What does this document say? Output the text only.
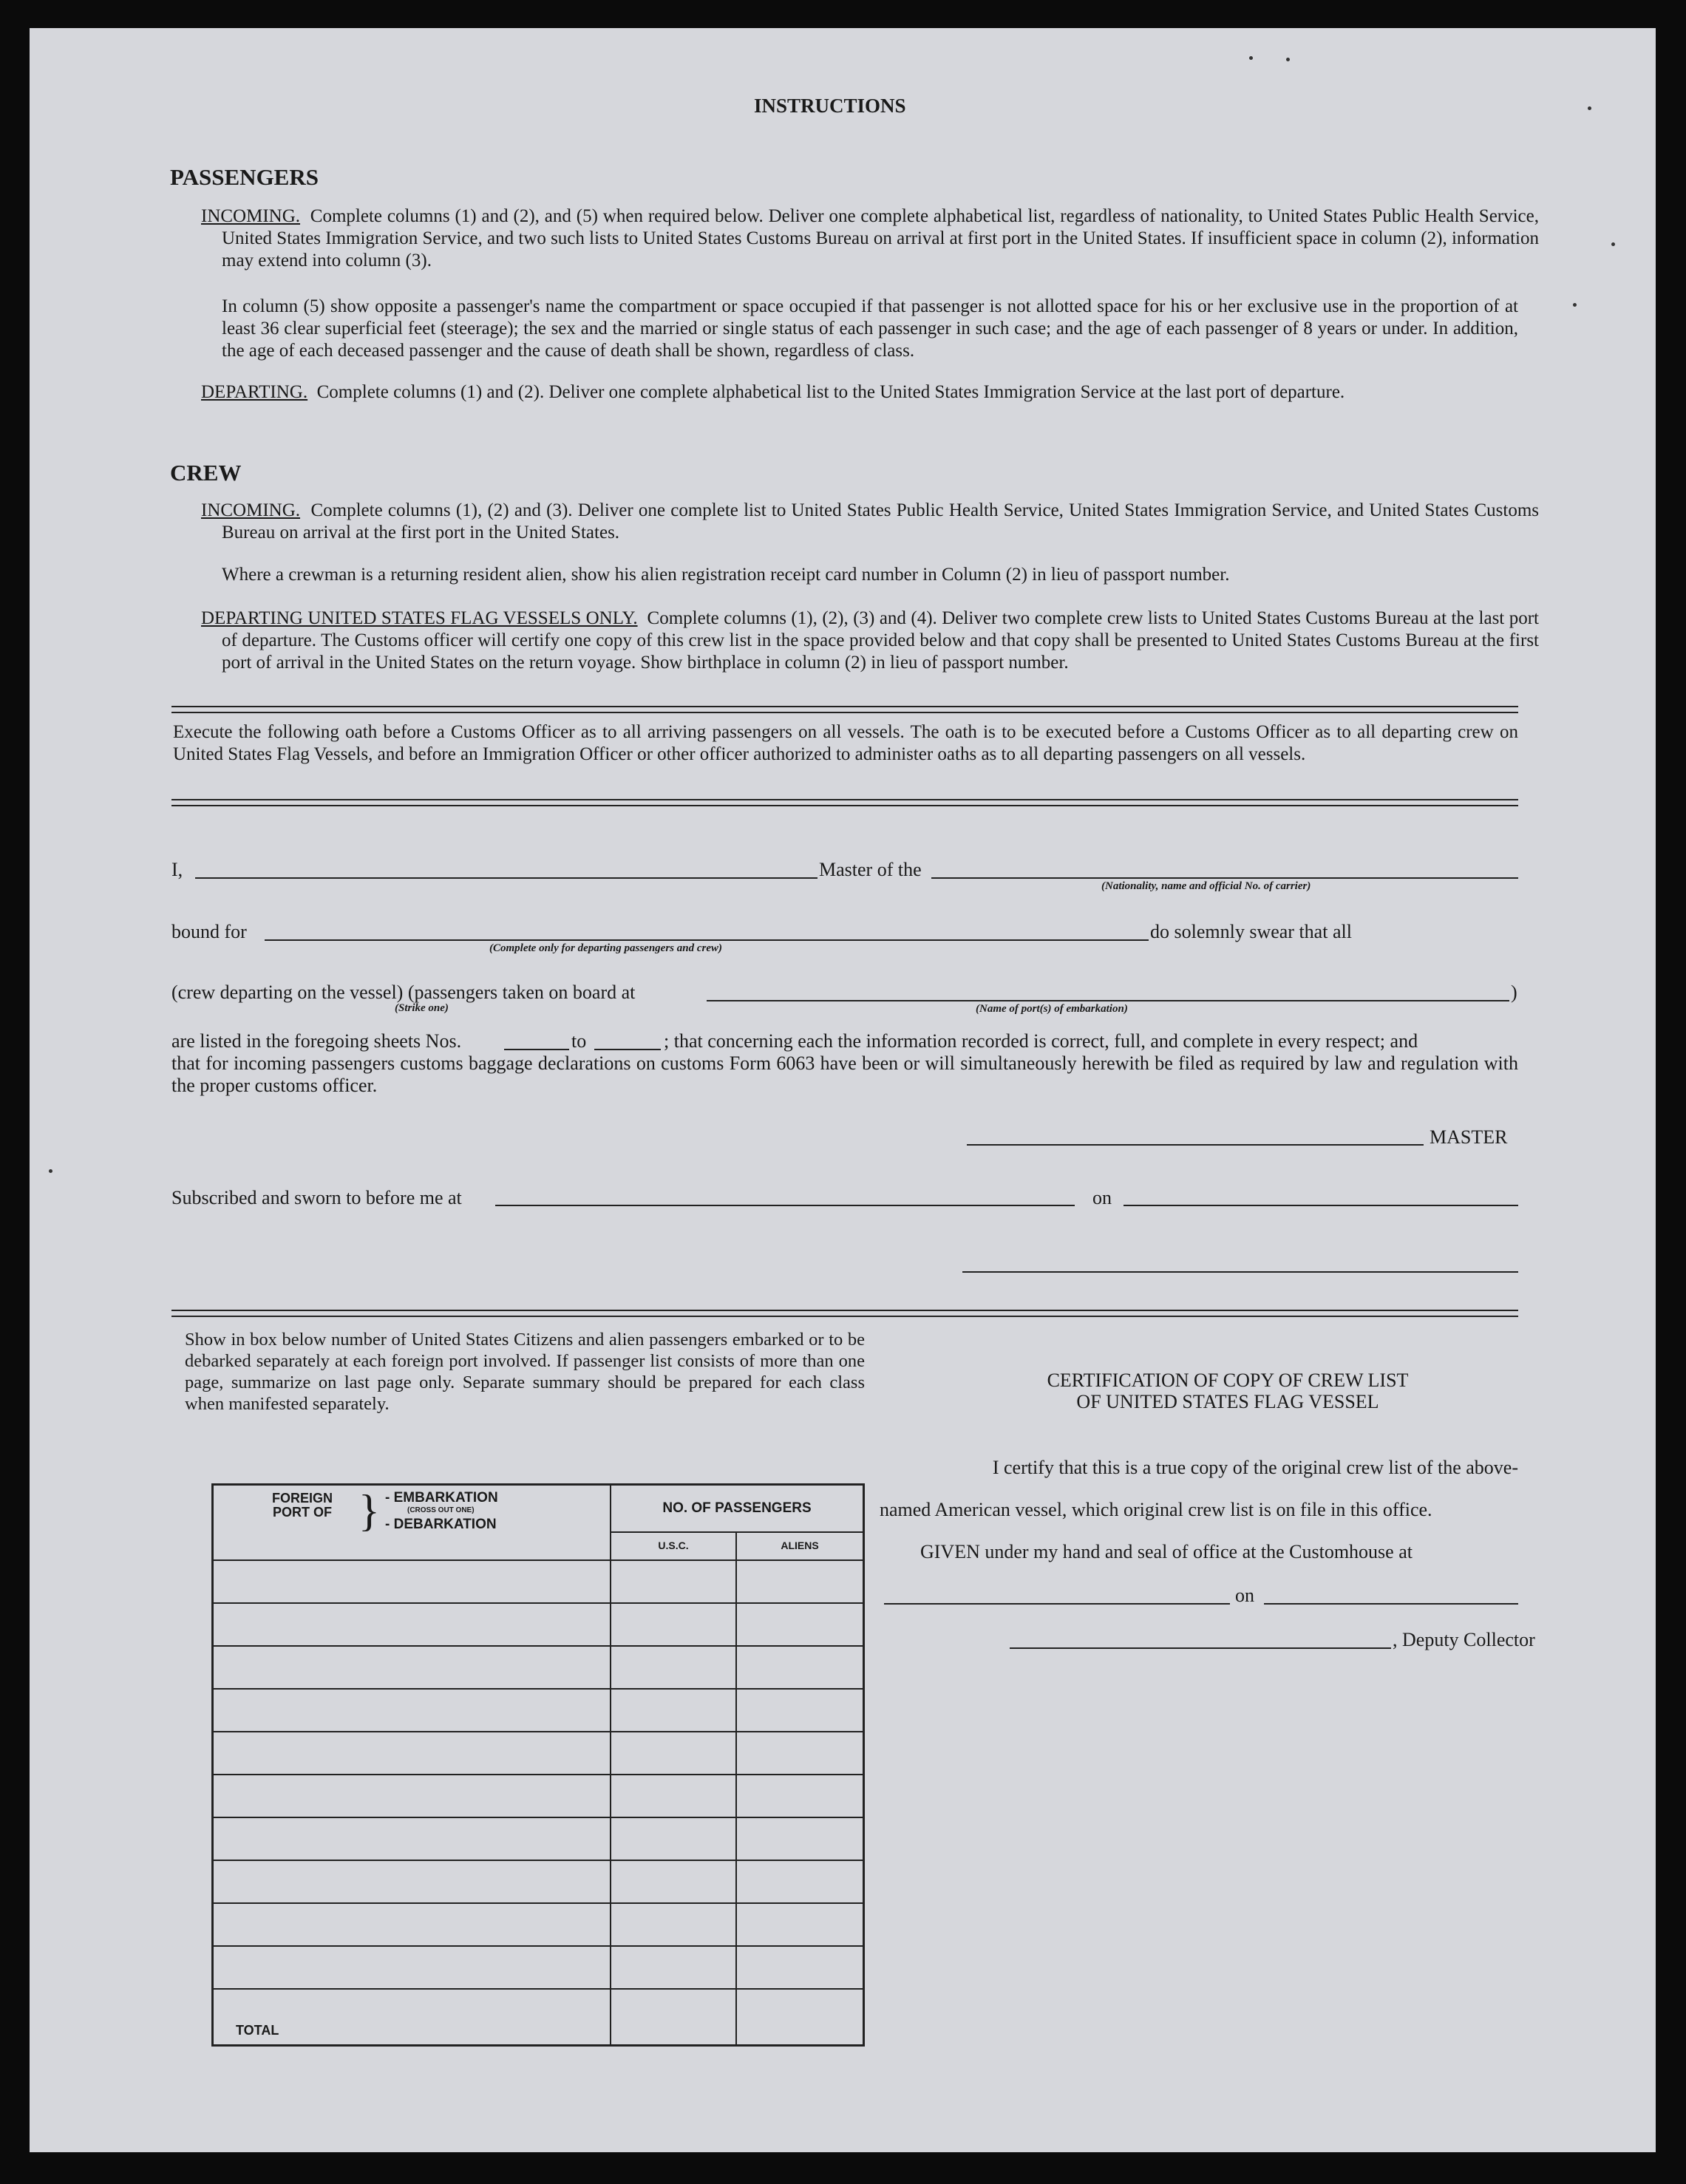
INSTRUCTIONS
PASSENGERS
INCOMING. Complete columns (1) and (2), and (5) when required below. Deliver one complete alphabetical list, regardless of nationality, to United States Public Health Service, United States Immigration Service, and two such lists to United States Customs Bureau on arrival at first port in the United States. If insufficient space in column (2), information may extend into column (3).
In column (5) show opposite a passenger's name the compartment or space occupied if that passenger is not allotted space for his or her exclusive use in the proportion of at least 36 clear superficial feet (steerage); the sex and the married or single status of each passenger in such case; and the age of each passenger of 8 years or under. In addition, the age of each deceased passenger and the cause of death shall be shown, regardless of class.
DEPARTING. Complete columns (1) and (2). Deliver one complete alphabetical list to the United States Immigration Service at the last port of departure.
CREW
INCOMING. Complete columns (1), (2) and (3). Deliver one complete list to United States Public Health Service, United States Immigration Service, and United States Customs Bureau on arrival at the first port in the United States.
Where a crewman is a returning resident alien, show his alien registration receipt card number in Column (2) in lieu of passport number.
DEPARTING UNITED STATES FLAG VESSELS ONLY. Complete columns (1), (2), (3) and (4). Deliver two complete crew lists to United States Customs Bureau at the last port of departure. The Customs officer will certify one copy of this crew list in the space provided below and that copy shall be presented to United States Customs Bureau at the first port of arrival in the United States on the return voyage. Show birthplace in column (2) in lieu of passport number.
Execute the following oath before a Customs Officer as to all arriving passengers on all vessels. The oath is to be executed before a Customs Officer as to all departing crew on United States Flag Vessels, and before an Immigration Officer or other officer authorized to administer oaths as to all departing passengers on all vessels.
I,	Master of the
(Nationality, name and official No. of carrier)
bound for
(Complete only for departing passengers and crew)
do solemnly swear that all
(crew departing on the vessel) (passengers taken on board at
(Strike one)	(Name of port(s) of embarkation)
)
are listed in the foregoing sheets Nos.	to	; that concerning each the information recorded is correct, full, and complete in every respect; and
that for incoming passengers customs baggage declarations on customs Form 6063 have been or will simultaneously herewith be filed as required by law and regulation with the proper customs officer.
MASTER
Subscribed and sworn to before me at	on
Show in box below number of United States Citizens and alien passengers embarked or to be debarked separately at each foreign port involved. If passenger list consists of more than one page, summarize on last page only. Separate summary should be prepared for each class when manifested separately.
FOREIGN PORT OF } - EMBARKATION
(CROSS OUT ONE)
- DEBARKATION	NO. OF PASSENGERS	
	U.S.C.	ALIENS

TOTAL		
CERTIFICATION OF COPY OF CREW LIST
OF UNITED STATES FLAG VESSEL
I certify that this is a true copy of the original crew list of the above-
named American vessel, which original crew list is on file in this office.
GIVEN under my hand and seal of office at the Customhouse at
on
, Deputy Collector
